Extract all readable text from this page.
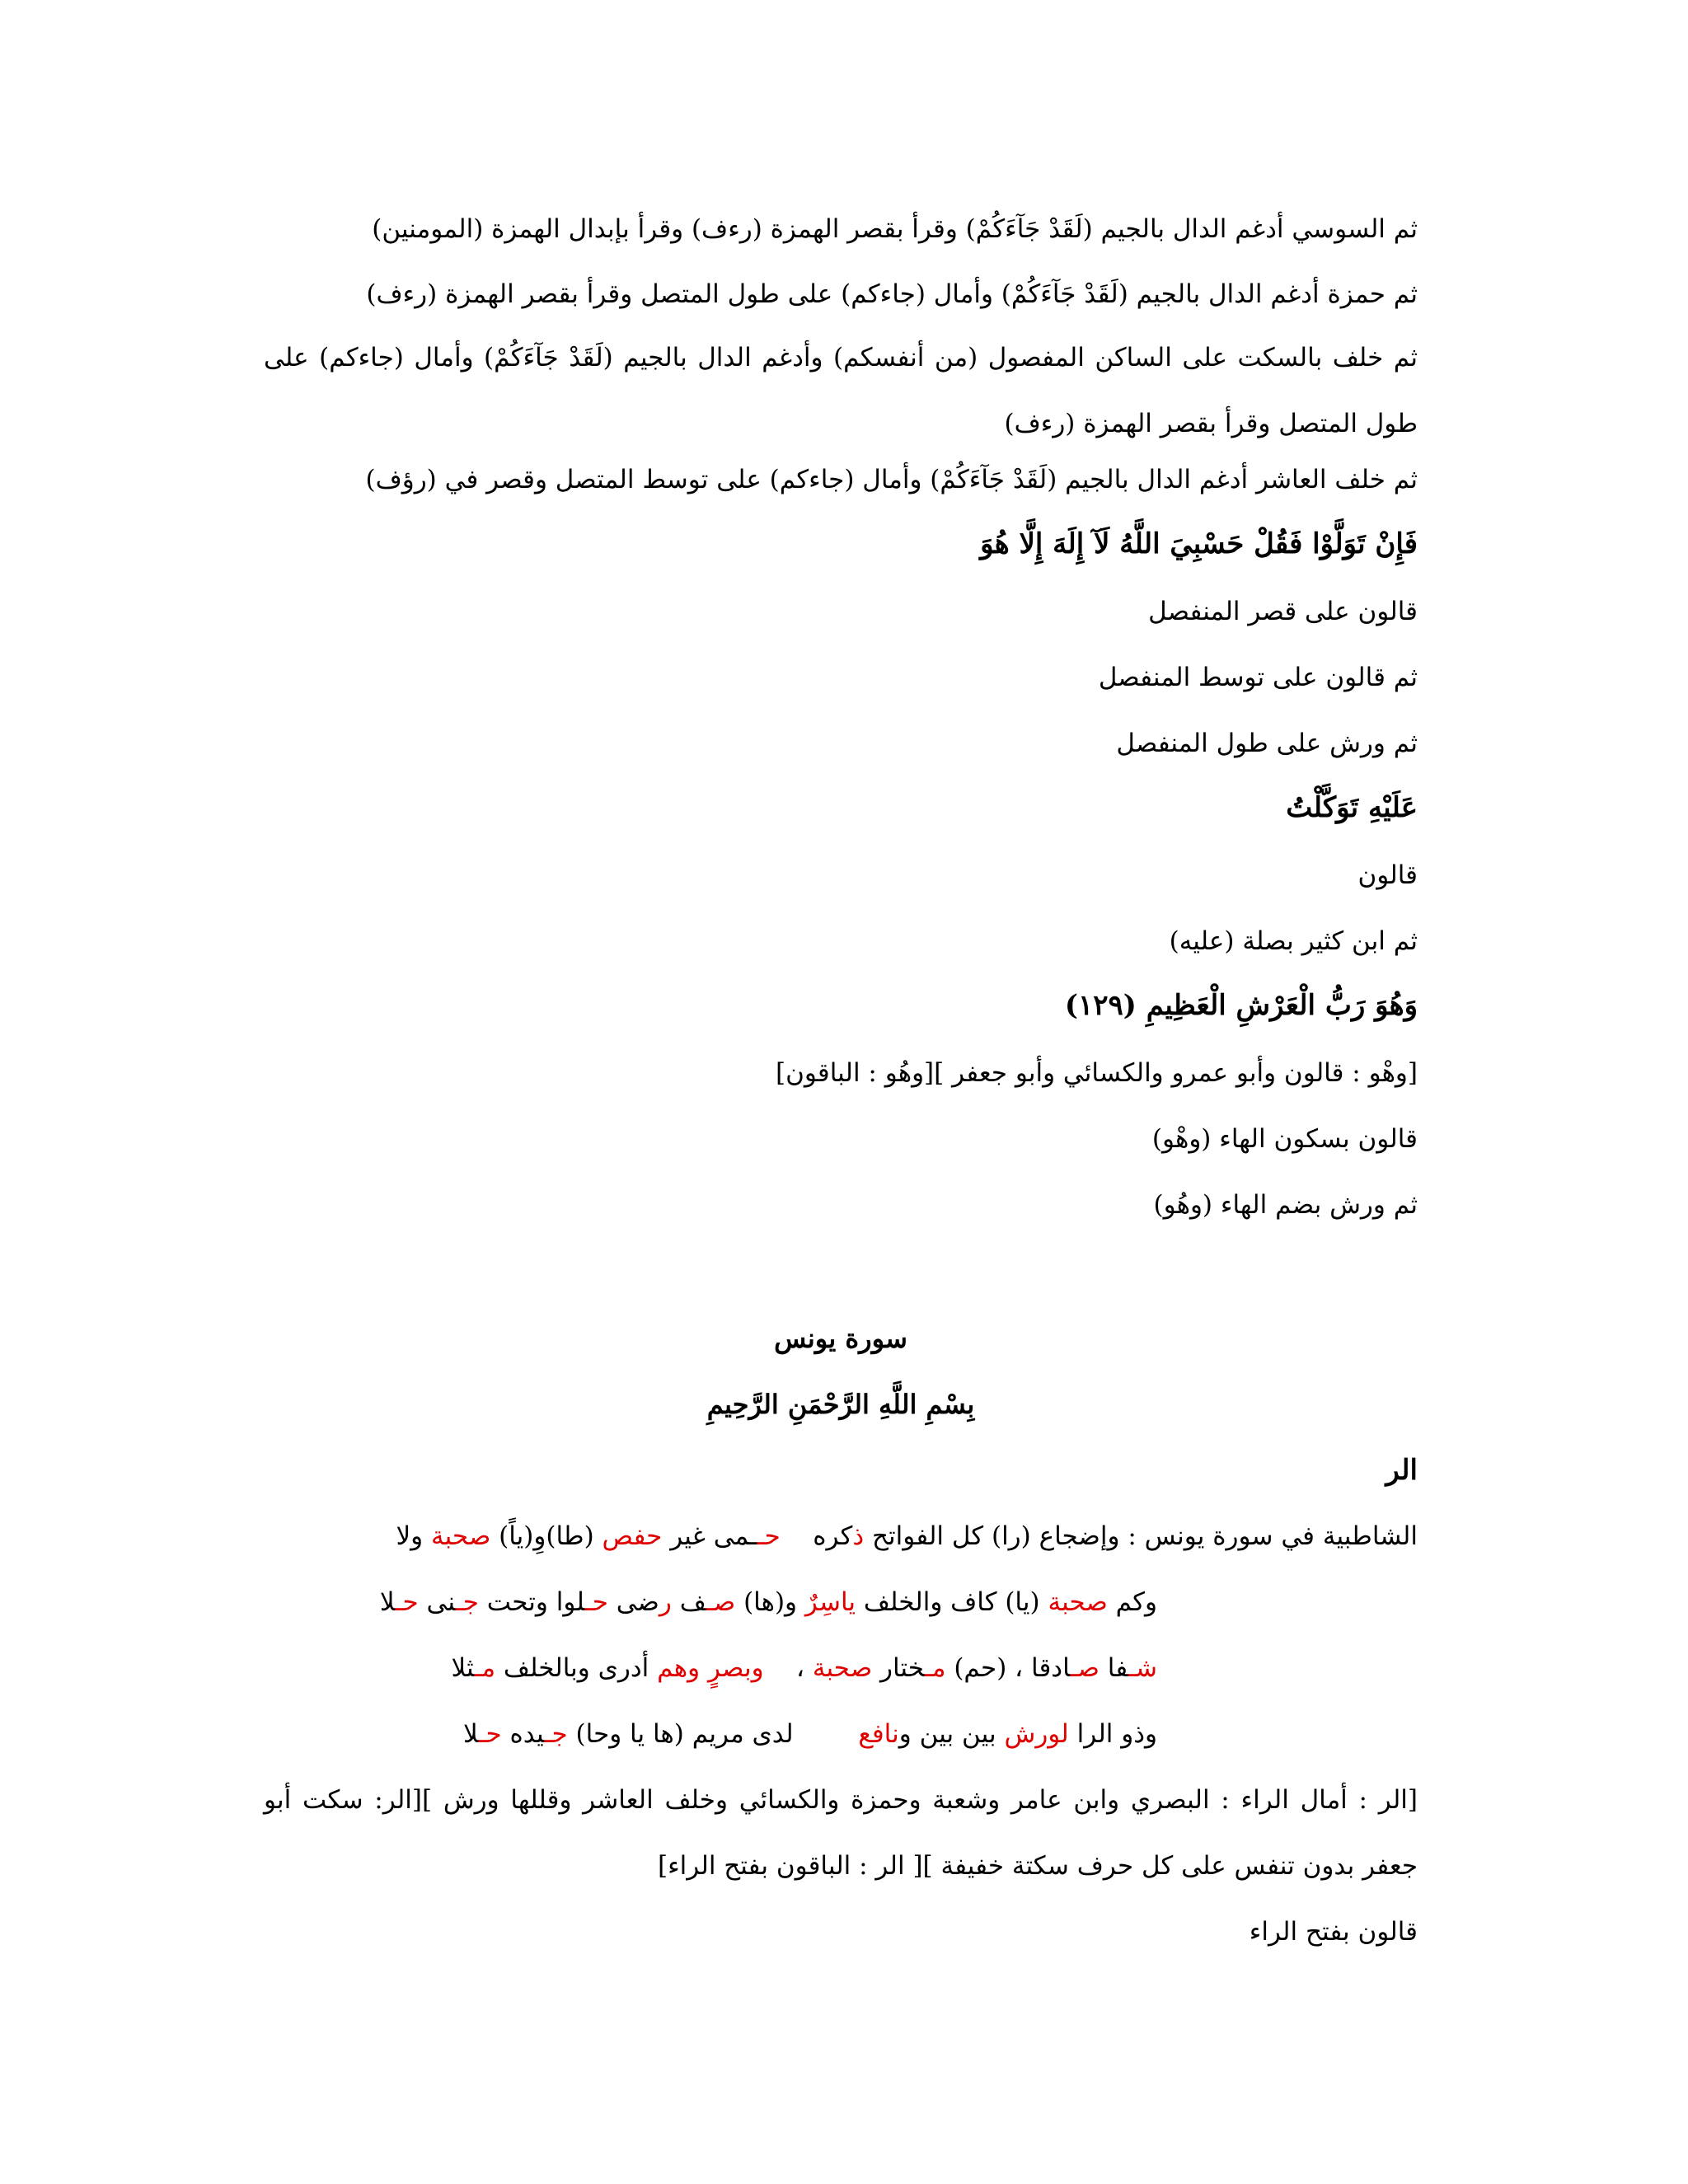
ثم السوسي أدغم الدال بالجيم (لَقَدْ جَآءَكُمْ) وقرأ بقصر الهمزة (رءف) وقرأ بإبدال الهمزة (المومنين)
ثم حمزة أدغم الدال بالجيم (لَقَدْ جَآءَكُمْ) وأمال (جاءكم) على طول المتصل وقرأ بقصر الهمزة (رءف)
ثم خلف بالسكت على الساكن المفصول (من أنفسكم) وأدغم الدال بالجيم (لَقَدْ جَآءَكُمْ) وأمال (جاءكم) على طول المتصل وقرأ بقصر الهمزة (رءف)
ثم خلف العاشر أدغم الدال بالجيم (لَقَدْ جَآءَكُمْ) وأمال (جاءكم) على توسط المتصل وقصر في (رؤف)
فَإِنْ تَوَلَّوْا فَقُلْ حَسْبِيَ اللَّهُ لَآ إِلَهَ إِلَّا هُوَ
قالون على قصر المنفصل
ثم قالون على توسط المنفصل
ثم ورش على طول المنفصل
عَلَيْهِ تَوَكَّلْتُ
قالون
ثم ابن كثير بصلة (عليه)
وَهُوَ رَبُّ الْعَرْشِ الْعَظِيمِ (١٢٩)
[وهْو : قالون وأبو عمرو والكسائي وأبو جعفر ][وهُو : الباقون]
قالون بسكون الهاء (وهْو)
ثم ورش بضم الهاء (وهُو)
سورة يونس
بِسْمِ اللَّهِ الرَّحْمَنِ الرَّحِيمِ
الر
الشاطبية في سورة يونس : وإضجاع (را) كل الفواتح ذكره    حــمى غير حفص (طا)وِ(ياً) صحبة ولا
وكم صحبة (يا) كاف والخلف ياسِرٌ و(ها) صـف رضى حـلوا وتحت جـنى حـلا
شـفا صـادقا ، (حم) مـختار صحبة ،    وبصرٍ وهم أدرى وبالخلف مـثلا
وذو الرا لورش بين بين ونافع        لدى مريم (ها يا وحا) جـيده حـلا
[الر : أمال الراء : البصري وابن عامر وشعبة وحمزة والكسائي وخلف العاشر وقللها ورش ][الر: سكت أبو جعفر بدون تنفس على كل حرف سكتة خفيفة ][ الر : الباقون بفتح الراء]
قالون بفتح الراء
